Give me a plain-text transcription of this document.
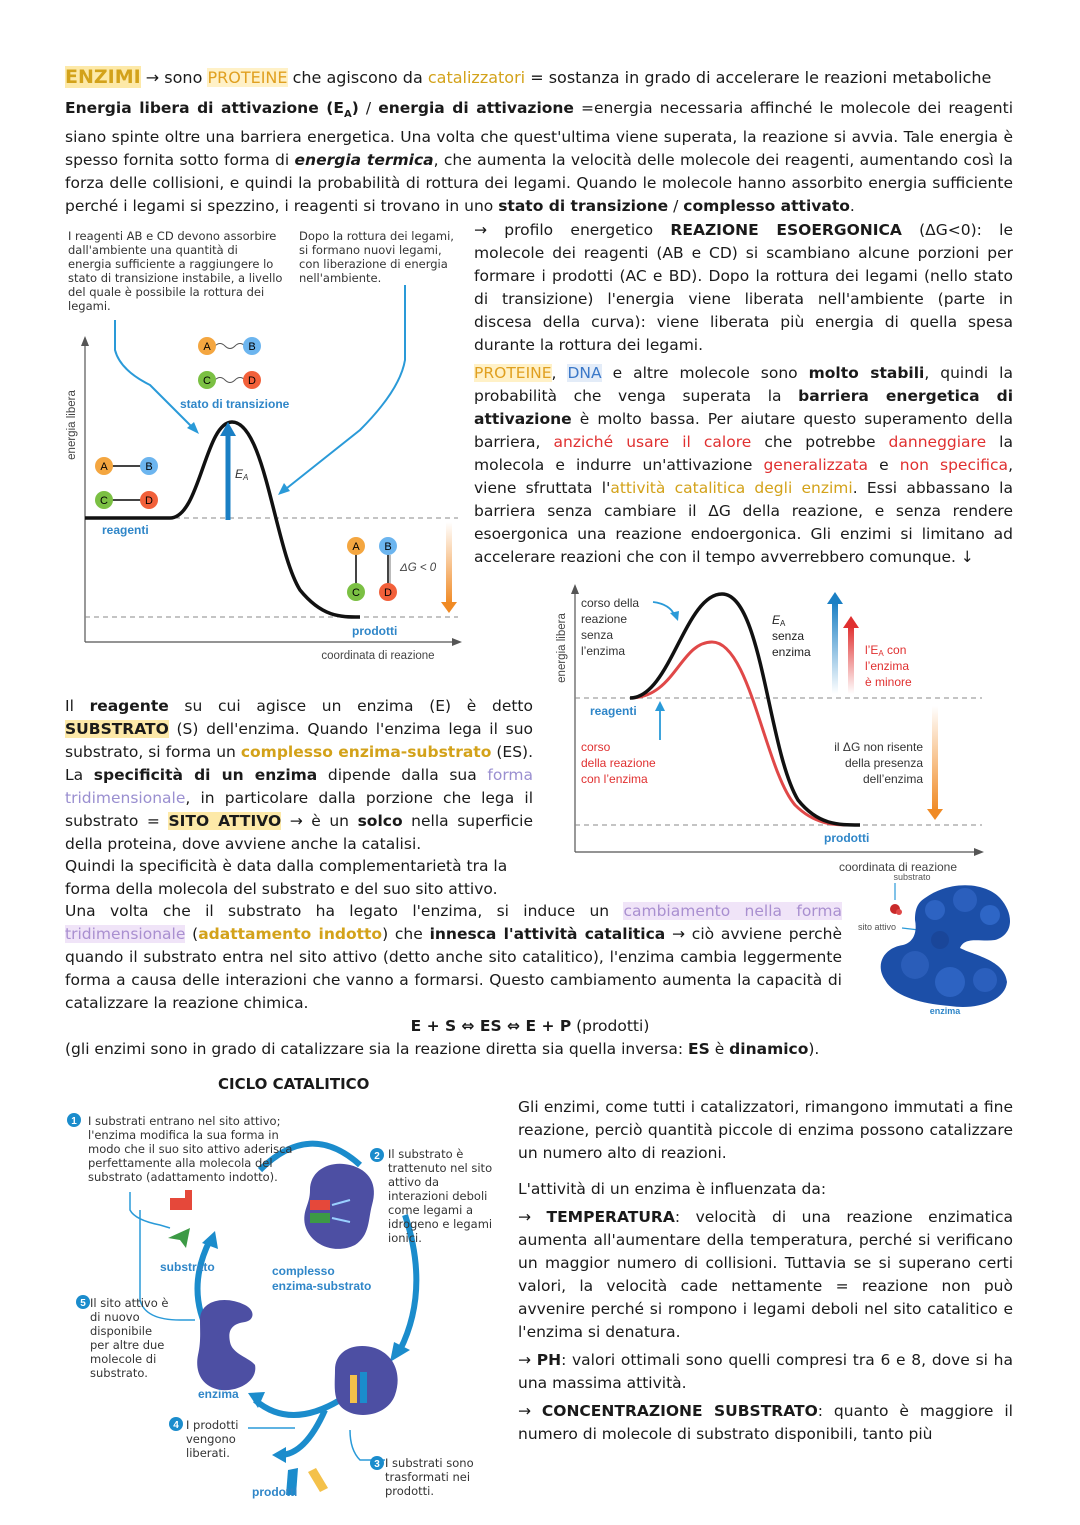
ENZIMI → sono PROTEINE che agiscono da catalizzatori = sostanza in grado di accelerare le reazioni metaboliche
Energia libera di attivazione $(E_A)$ / energia di attivazione =energia necessaria affinché le molecole dei reagenti siano spinte oltre una barriera energetica. Una volta che quest'ultima viene superata, la reazione si avvia. Tale energia è spesso fornita sotto forma di energia termica, che aumenta la velocità delle molecole dei reagenti, aumentando così la forza delle collisioni, e quindi la probabilità di rottura dei legami. Quando le molecole hanno assorbito energia sufficiente perché i legami si spezzino, i reagenti si trovano in uno stato di transizione / complesso attivato.
I reagenti AB e CD devono assorbire dall'ambiente una quantità di energia sufficiente a raggiungere lo stato di transizione instabile, a livello del quale è possibile la rottura dei legami.
Dopo la rottura dei legami, si formano nuovi legami, con liberazione di energia nell'ambiente.
energia libera
coordinata di reazione
EA
ΔG < 0
stato di transizione
reagenti
prodotti
A	B
C	D
A	B
C	D
A B
C D
→ profilo energetico REAZIONE ESOERGONICA (ΔG<0): le molecole dei reagenti (AB e CD) si scambiano alcune porzioni per formare i prodotti (AC e BD). Dopo la rottura dei legami (nello stato di transizione) l'energia viene liberata nell'ambiente (parte in discesa della curva): viene liberata più energia di quella spesa durante la rottura dei legami.
PROTEINE, DNA e altre molecole sono molto stabili, quindi la probabilità che venga superata la barriera energetica di attivazione è molto bassa. Per aiutare questo superamento della barriera, anziché usare il calore che potrebbe danneggiare la molecola e indurre un'attivazione generalizzata e non specifica, viene sfruttata l'attività catalitica degli enzimi. Essi abbassano la barriera senza cambiare il ΔG della reazione, e senza rendere esoergonica una reazione endoergonica. Gli enzimi si limitano ad accelerare reazioni che con il tempo avverrebbero comunque. ↓
energia libera
coordinata di reazione
corso della reazione senza l’enzima
EA senza enzima	l’EA con l’enzima è minore
reagenti
corso della reazione con l’enzima
il ΔG non risente della presenza dell’enzima
prodotti
Il reagente su cui agisce un enzima (E) è detto SUBSTRATO (S) dell'enzima. Quando l'enzima lega il suo substrato, si forma un complesso enzima-substrato (ES). La specificità di un enzima dipende dalla sua forma tridimensionale, in particolare dalla porzione che lega il substrato = SITO ATTIVO → è un solco nella superficie della proteina, dove avviene anche la catalisi.
Quindi la specificità è data dalla complementarietà tra la forma della molecola del substrato e del suo sito attivo.
Una volta che il substrato ha legato l'enzima, si induce un cambiamento nella forma tridimensionale (adattamento indotto) che innesca l'attività catalitica → ciò avviene perchè quando il substrato entra nel sito attivo (detto anche sito catalitico), l'enzima cambia leggermente forma a causa delle interazioni che vanno a formarsi. Questo cambiamento aumenta la capacità di catalizzare la reazione chimica.
substrato
sito attivo
enzima
E + S ⇔ ES ⇔ E + P (prodotti)
(gli enzimi sono in grado di catalizzare sia la reazione diretta sia quella inversa: ES è dinamico).
CICLO CATALITICO
1
2
3
4
5
substrato	complesso enzima-substrato
enzima
prodotti
I substrati entrano nel sito attivo; l'enzima modifica la sua forma in modo che il suo sito attivo aderisca perfettamente alla molecola del substrato (adattamento indotto).
Il substrato è trattenuto nel sito attivo da interazioni deboli come legami a idrogeno e legami ionici.
Il sito attivo è di nuovo disponibile per altre due molecole di substrato.
I prodotti vengono liberati.
I substrati sono trasformati nei prodotti.
Gli enzimi, come tutti i catalizzatori, rimangono immutati a fine reazione, perciò quantità piccole di enzima possono catalizzare un numero alto di reazioni.
L'attività di un enzima è influenzata da:
→ TEMPERATURA: velocità di una reazione enzimatica aumenta all'aumentare della temperatura, perché si verificano un maggior numero di collisioni. Tuttavia se si superano certi valori, la velocità cade nettamente = reazione non può avvenire perché si rompono i legami deboli nel sito catalitico e l'enzima si denatura.
→ PH: valori ottimali sono quelli compresi tra 6 e 8, dove si ha una massima attività.
→ CONCENTRAZIONE SUBSTRATO: quanto è maggiore il numero di molecole di substrato disponibili, tanto più
